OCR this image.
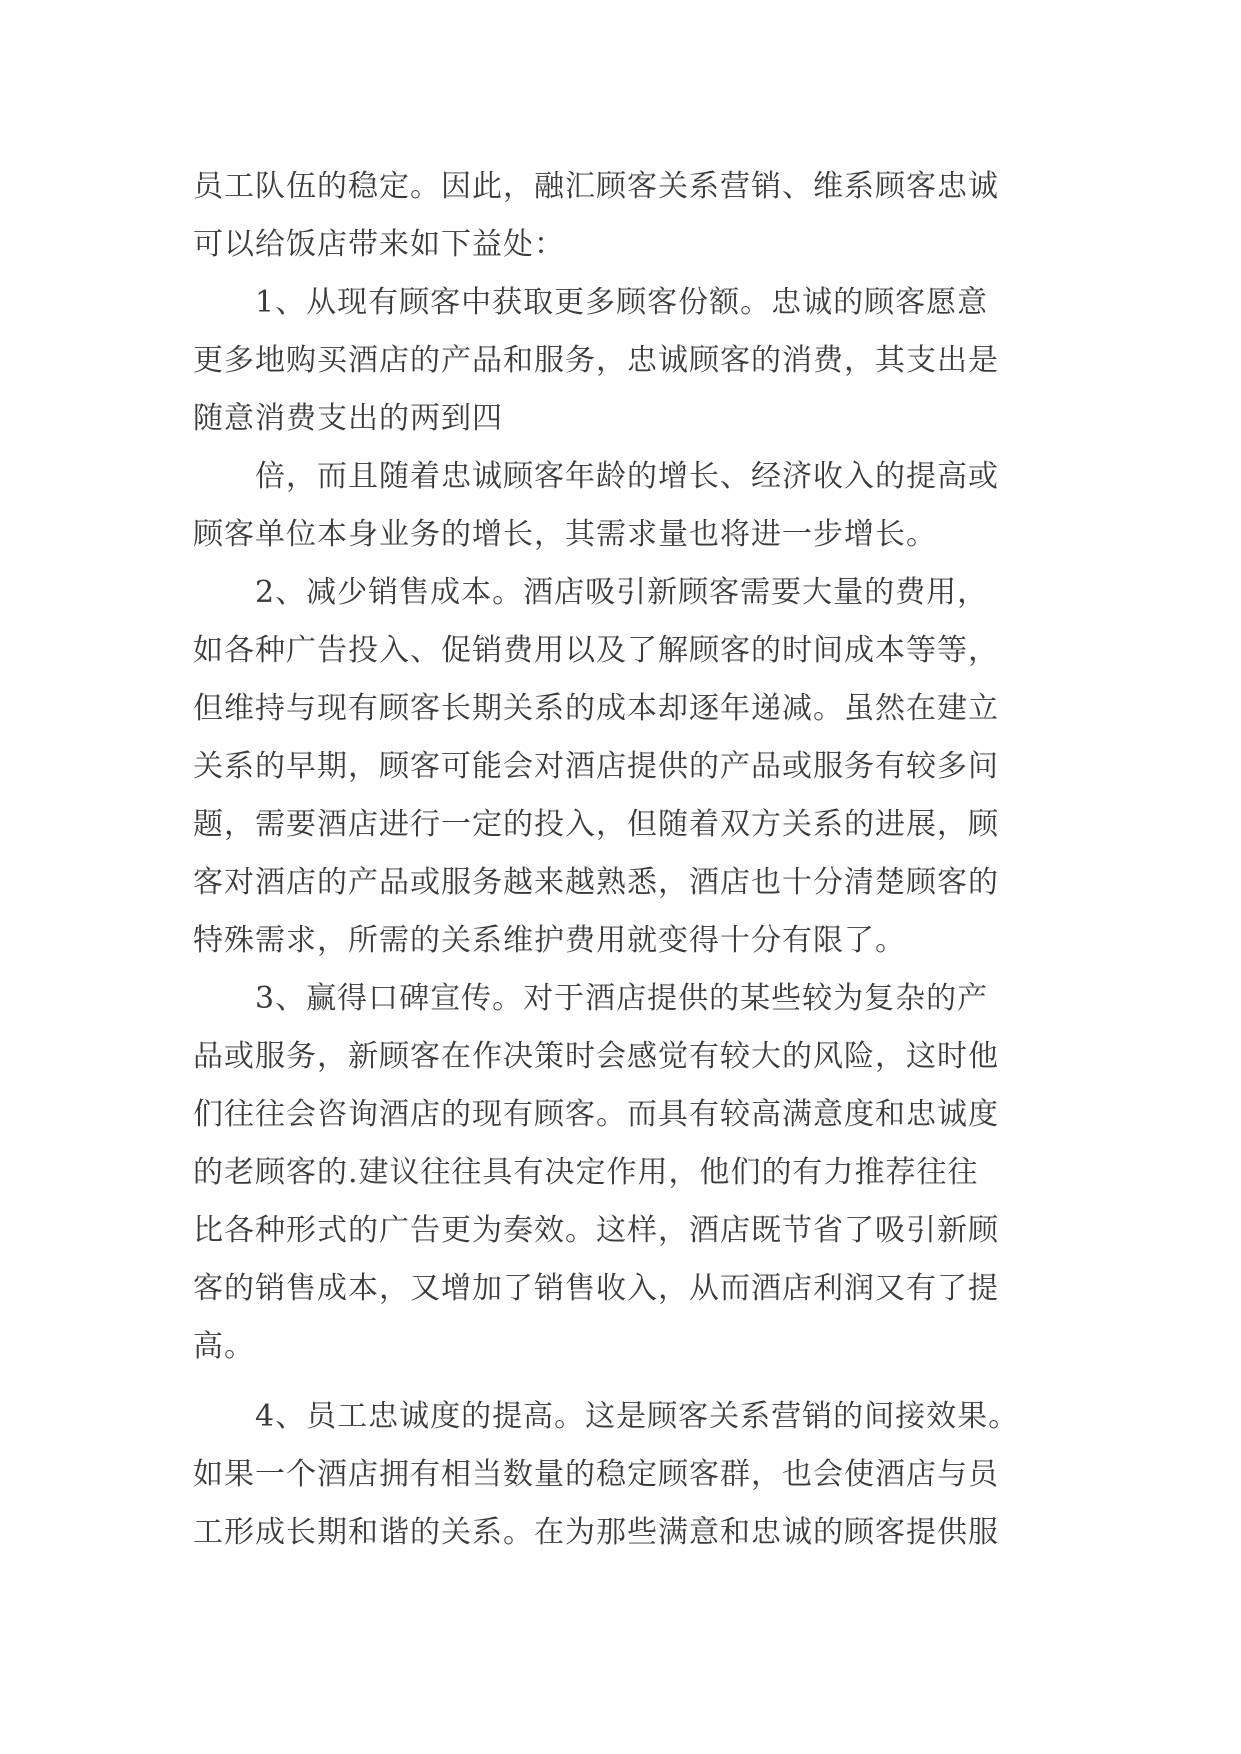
员工队伍的稳定。因此，融汇顾客关系营销、维系顾客忠诚
可以给饭店带来如下益处：
1、从现有顾客中获取更多顾客份额。忠诚的顾客愿意
更多地购买酒店的产品和服务，忠诚顾客的消费，其支出是
随意消费支出的两到四
倍，而且随着忠诚顾客年龄的增长、经济收入的提高或
顾客单位本身业务的增长，其需求量也将进一步增长。
2、减少销售成本。酒店吸引新顾客需要大量的费用，
如各种广告投入、促销费用以及了解顾客的时间成本等等，
但维持与现有顾客长期关系的成本却逐年递减。虽然在建立
关系的早期，顾客可能会对酒店提供的产品或服务有较多问
题，需要酒店进行一定的投入，但随着双方关系的进展，顾
客对酒店的产品或服务越来越熟悉，酒店也十分清楚顾客的
特殊需求，所需的关系维护费用就变得十分有限了。
3、赢得口碑宣传。对于酒店提供的某些较为复杂的产
品或服务，新顾客在作决策时会感觉有较大的风险，这时他
们往往会咨询酒店的现有顾客。而具有较高满意度和忠诚度
的老顾客的.建议往往具有决定作用，他们的有力推荐往往
比各种形式的广告更为奏效。这样，酒店既节省了吸引新顾
客的销售成本，又增加了销售收入，从而酒店利润又有了提
高。
4、员工忠诚度的提高。这是顾客关系营销的间接效果。
如果一个酒店拥有相当数量的稳定顾客群，也会使酒店与员
工形成长期和谐的关系。在为那些满意和忠诚的顾客提供服
